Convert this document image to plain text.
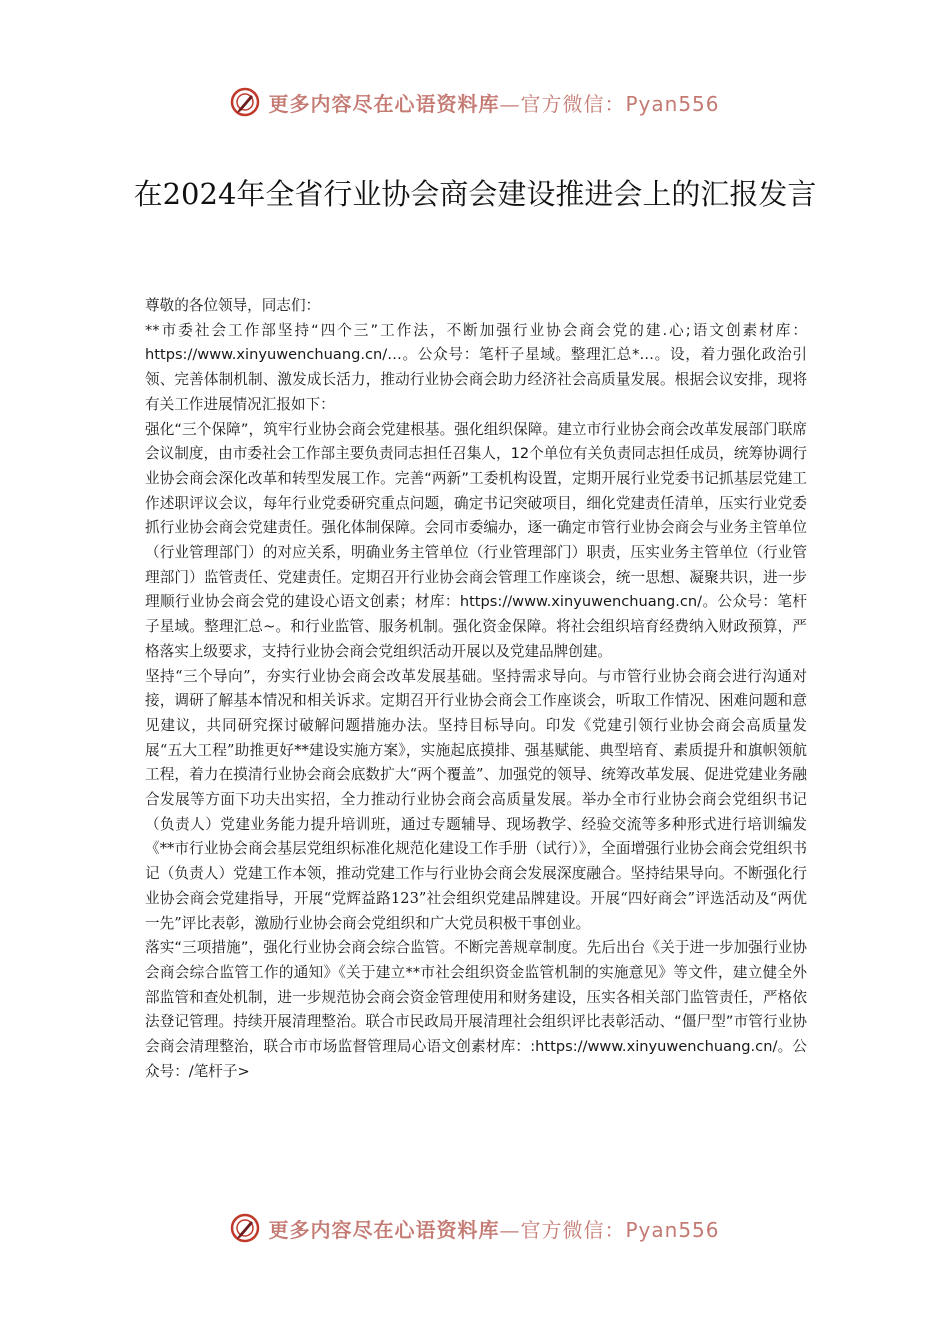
更多内容尽在心语资料库—官方微信：Pyan556
在2024年全省行业协会商会建设推进会上的汇报发言

尊敬的各位领导，同志们：

**市委社会工作部坚持“四个三”工作法，不断加强行业协会商会党的建.心;语文创素材库：https://www.xinyuwenchuang.cn/…。公众号：笔杆子星域。整理汇总*…。设，着力强化政治引领、完善体制机制、激发成长活力，推动行业协会商会助力经济社会高质量发展。根据会议安排，现将有关工作进展情况汇报如下：

强化“三个保障”，筑牢行业协会商会党建根基。强化组织保障。建立市行业协会商会改革发展部门联席会议制度，由市委社会工作部主要负责同志担任召集人，12个单位有关负责同志担任成员，统筹协调行业协会商会深化改革和转型发展工作。完善“两新”工委机构设置，定期开展行业党委书记抓基层党建工作述职评议会议，每年行业党委研究重点问题，确定书记突破项目，细化党建责任清单，压实行业党委抓行业协会商会党建责任。强化体制保障。会同市委编办，逐一确定市管行业协会商会与业务主管单位（行业管理部门）的对应关系，明确业务主管单位（行业管理部门）职责，压实业务主管单位（行业管理部门）监管责任、党建责任。定期召开行业协会商会管理工作座谈会，统一思想、凝聚共识，进一步理顺行业协会商会党的建设心语文创素；材库：https://www.xinyuwenchuang.cn/。公众号：笔杆子星域。整理汇总~。和行业监管、服务机制。强化资金保障。将社会组织培育经费纳入财政预算，严格落实上级要求，支持行业协会商会党组织活动开展以及党建品牌创建。

坚持“三个导向”，夯实行业协会商会改革发展基础。坚持需求导向。与市管行业协会商会进行沟通对接，调研了解基本情况和相关诉求。定期召开行业协会商会工作座谈会，听取工作情况、困难问题和意见建议，共同研究探讨破解问题措施办法。坚持目标导向。印发《党建引领行业协会商会高质量发展“五大工程”助推更好**建设实施方案》，实施起底摸排、强基赋能、典型培育、素质提升和旗帜领航工程，着力在摸清行业协会商会底数扩大“两个覆盖”、加强党的领导、统筹改革发展、促进党建业务融合发展等方面下功夫出实招，全力推动行业协会商会高质量发展。举办全市行业协会商会党组织书记（负责人）党建业务能力提升培训班，通过专题辅导、现场教学、经验交流等多种形式进行培训编发《**市行业协会商会基层党组织标准化规范化建设工作手册（试行）》，全面增强行业协会商会党组织书记（负责人）党建工作本领，推动党建工作与行业协会商会发展深度融合。坚持结果导向。不断强化行业协会商会党建指导，开展“党辉益路123”社会组织党建品牌建设。开展“四好商会”评选活动及“两优一先”评比表彰，激励行业协会商会党组织和广大党员积极干事创业。

落实“三项措施”，强化行业协会商会综合监管。不断完善规章制度。先后出台《关于进一步加强行业协会商会综合监管工作的通知》《关于建立**市社会组织资金监管机制的实施意见》等文件，建立健全外部监管和查处机制，进一步规范协会商会资金管理使用和财务建设，压实各相关部门监管责任，严格依法登记管理。持续开展清理整治。联合市民政局开展清理社会组织评比表彰活动、“僵尸型”市管行业协会商会清理整治，联合市市场监督管理局心语文创素材库：:https://www.xinyuwenchuang.cn/。公众号：/笔杆子>

更多内容尽在心语资料库—官方微信：Pyan556
